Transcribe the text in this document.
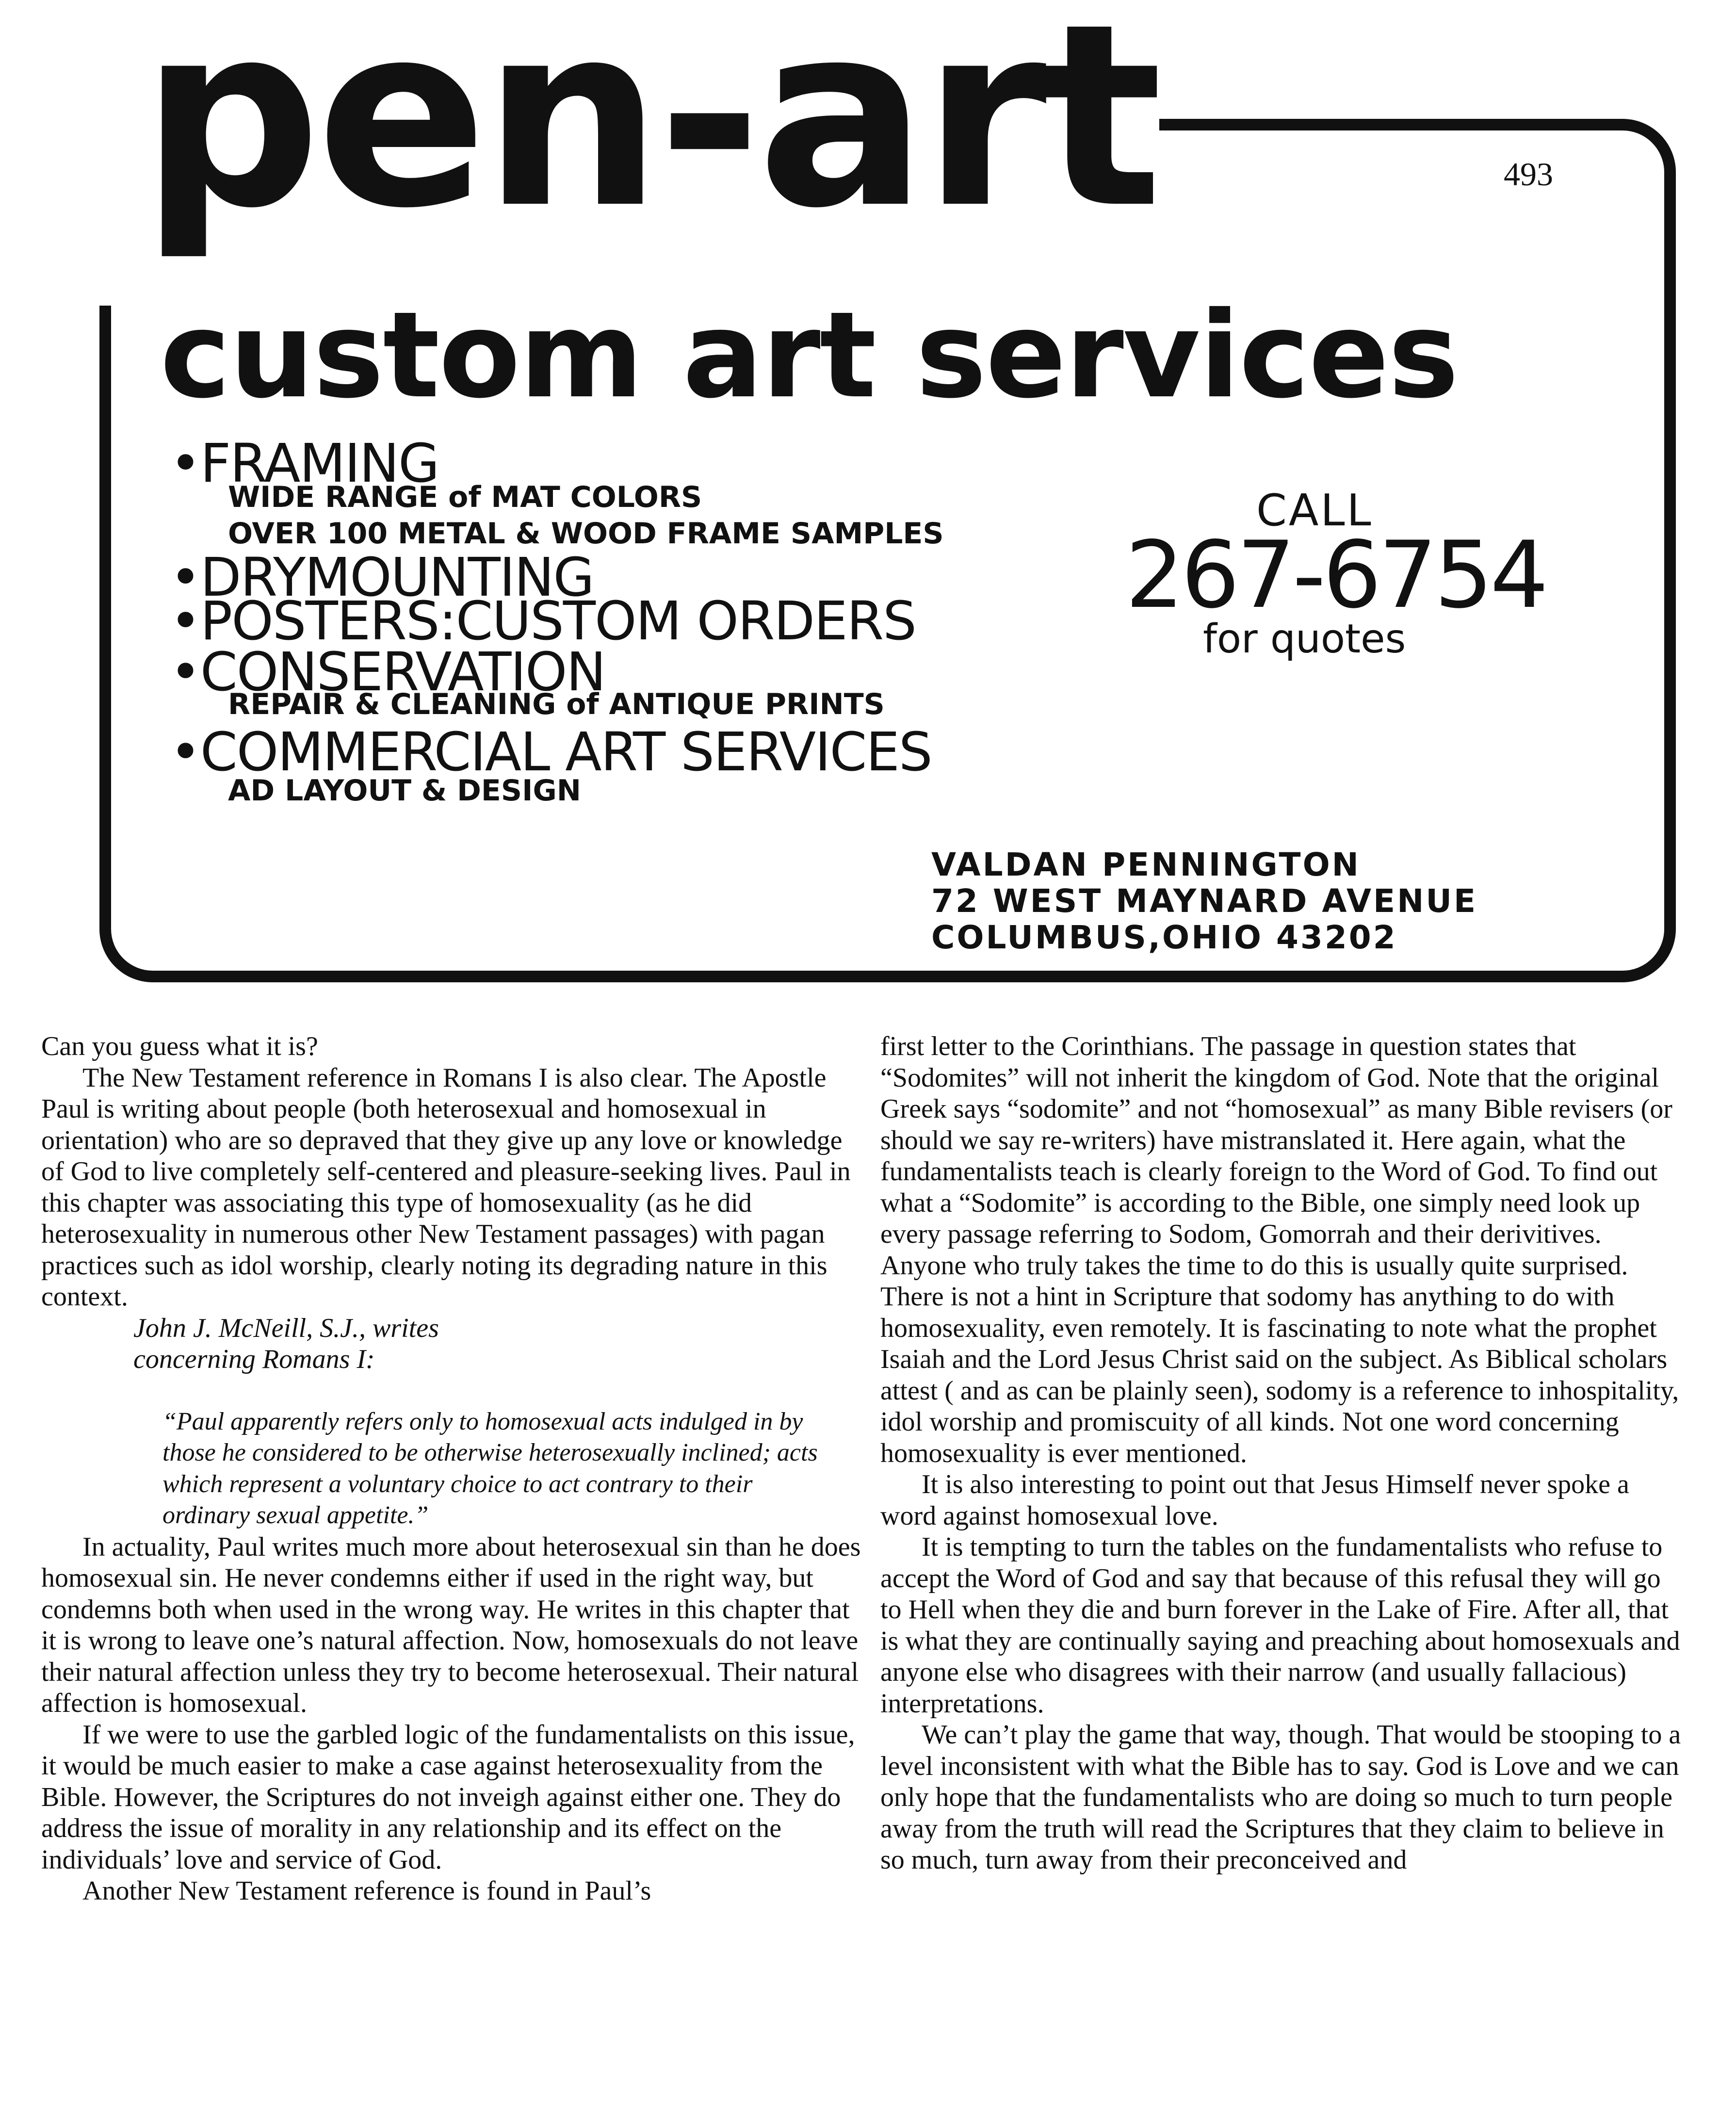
pen-art
custom art services
493

•FRAMING

WIDE RANGE of MAT COLORS

OVER 100 METAL & WOOD FRAME SAMPLES

•DRYMOUNTING

•POSTERS:CUSTOM ORDERS

•CONSERVATION

REPAIR & CLEANING of ANTIQUE PRINTS

•COMMERCIAL ART SERVICES

AD LAYOUT & DESIGN

CALL

267-6754

for quotes

VALDAN PENNINGTON

72 WEST MAYNARD AVENUE

COLUMBUS,OHIO 43202

Can you guess what it is?

The New Testament reference in Romans I is also clear. The Apostle Paul is writing about people (both heterosexual and homosexual in orientation) who are so depraved that they give up any love or knowledge of God to live completely self-centered and pleasure-seeking lives. Paul in this chapter was associating this type of homosexuality (as he did heterosexuality in numerous other New Testament passages) with pagan practices such as idol worship, clearly noting its degrading nature in this context.

John J. McNeill, S.J., writes

concerning Romans I:

“Paul apparently refers only to homosexual acts indulged in by those he considered to be otherwise heterosexually inclined; acts which represent a voluntary choice to act contrary to their ordinary sexual appetite.”

In actuality, Paul writes much more about heterosexual sin than he does homosexual sin. He never condemns either if used in the right way, but condemns both when used in the wrong way. He writes in this chapter that it is wrong to leave one’s natural affection. Now, homosexuals do not leave their natural affection unless they try to become heterosexual. Their natural affection is homosexual.

If we were to use the garbled logic of the fundamentalists on this issue, it would be much easier to make a case against heterosexuality from the Bible. However, the Scriptures do not inveigh against either one. They do address the issue of morality in any relationship and its effect on the individuals’ love and service of God.

Another New Testament reference is found in Paul’s

first letter to the Corinthians. The passage in question states that “Sodomites” will not inherit the kingdom of God. Note that the original Greek says “sodomite” and not “homosexual” as many Bible revisers (or should we say re-writers) have mistranslated it. Here again, what the fundamentalists teach is clearly foreign to the Word of God. To find out what a “Sodomite” is according to the Bible, one simply need look up every passage referring to Sodom, Gomorrah and their derivitives. Anyone who truly takes the time to do this is usually quite surprised. There is not a hint in Scripture that sodomy has anything to do with homosexuality, even remotely. It is fascinating to note what the prophet Isaiah and the Lord Jesus Christ said on the subject. As Biblical scholars attest ( and as can be plainly seen), sodomy is a reference to inhospitality, idol worship and promiscuity of all kinds. Not one word concerning homosexuality is ever mentioned.

It is also interesting to point out that Jesus Himself never spoke a word against homosexual love.

It is tempting to turn the tables on the fundamentalists who refuse to accept the Word of God and say that because of this refusal they will go to Hell when they die and burn forever in the Lake of Fire. After all, that is what they are continually saying and preaching about homosexuals and anyone else who disagrees with their narrow (and usually fallacious) interpretations.

We can’t play the game that way, though. That would be stooping to a level inconsistent with what the Bible has to say. God is Love and we can only hope that the fundamentalists who are doing so much to turn people away from the truth will read the Scriptures that they claim to believe in so much, turn away from their preconceived and
